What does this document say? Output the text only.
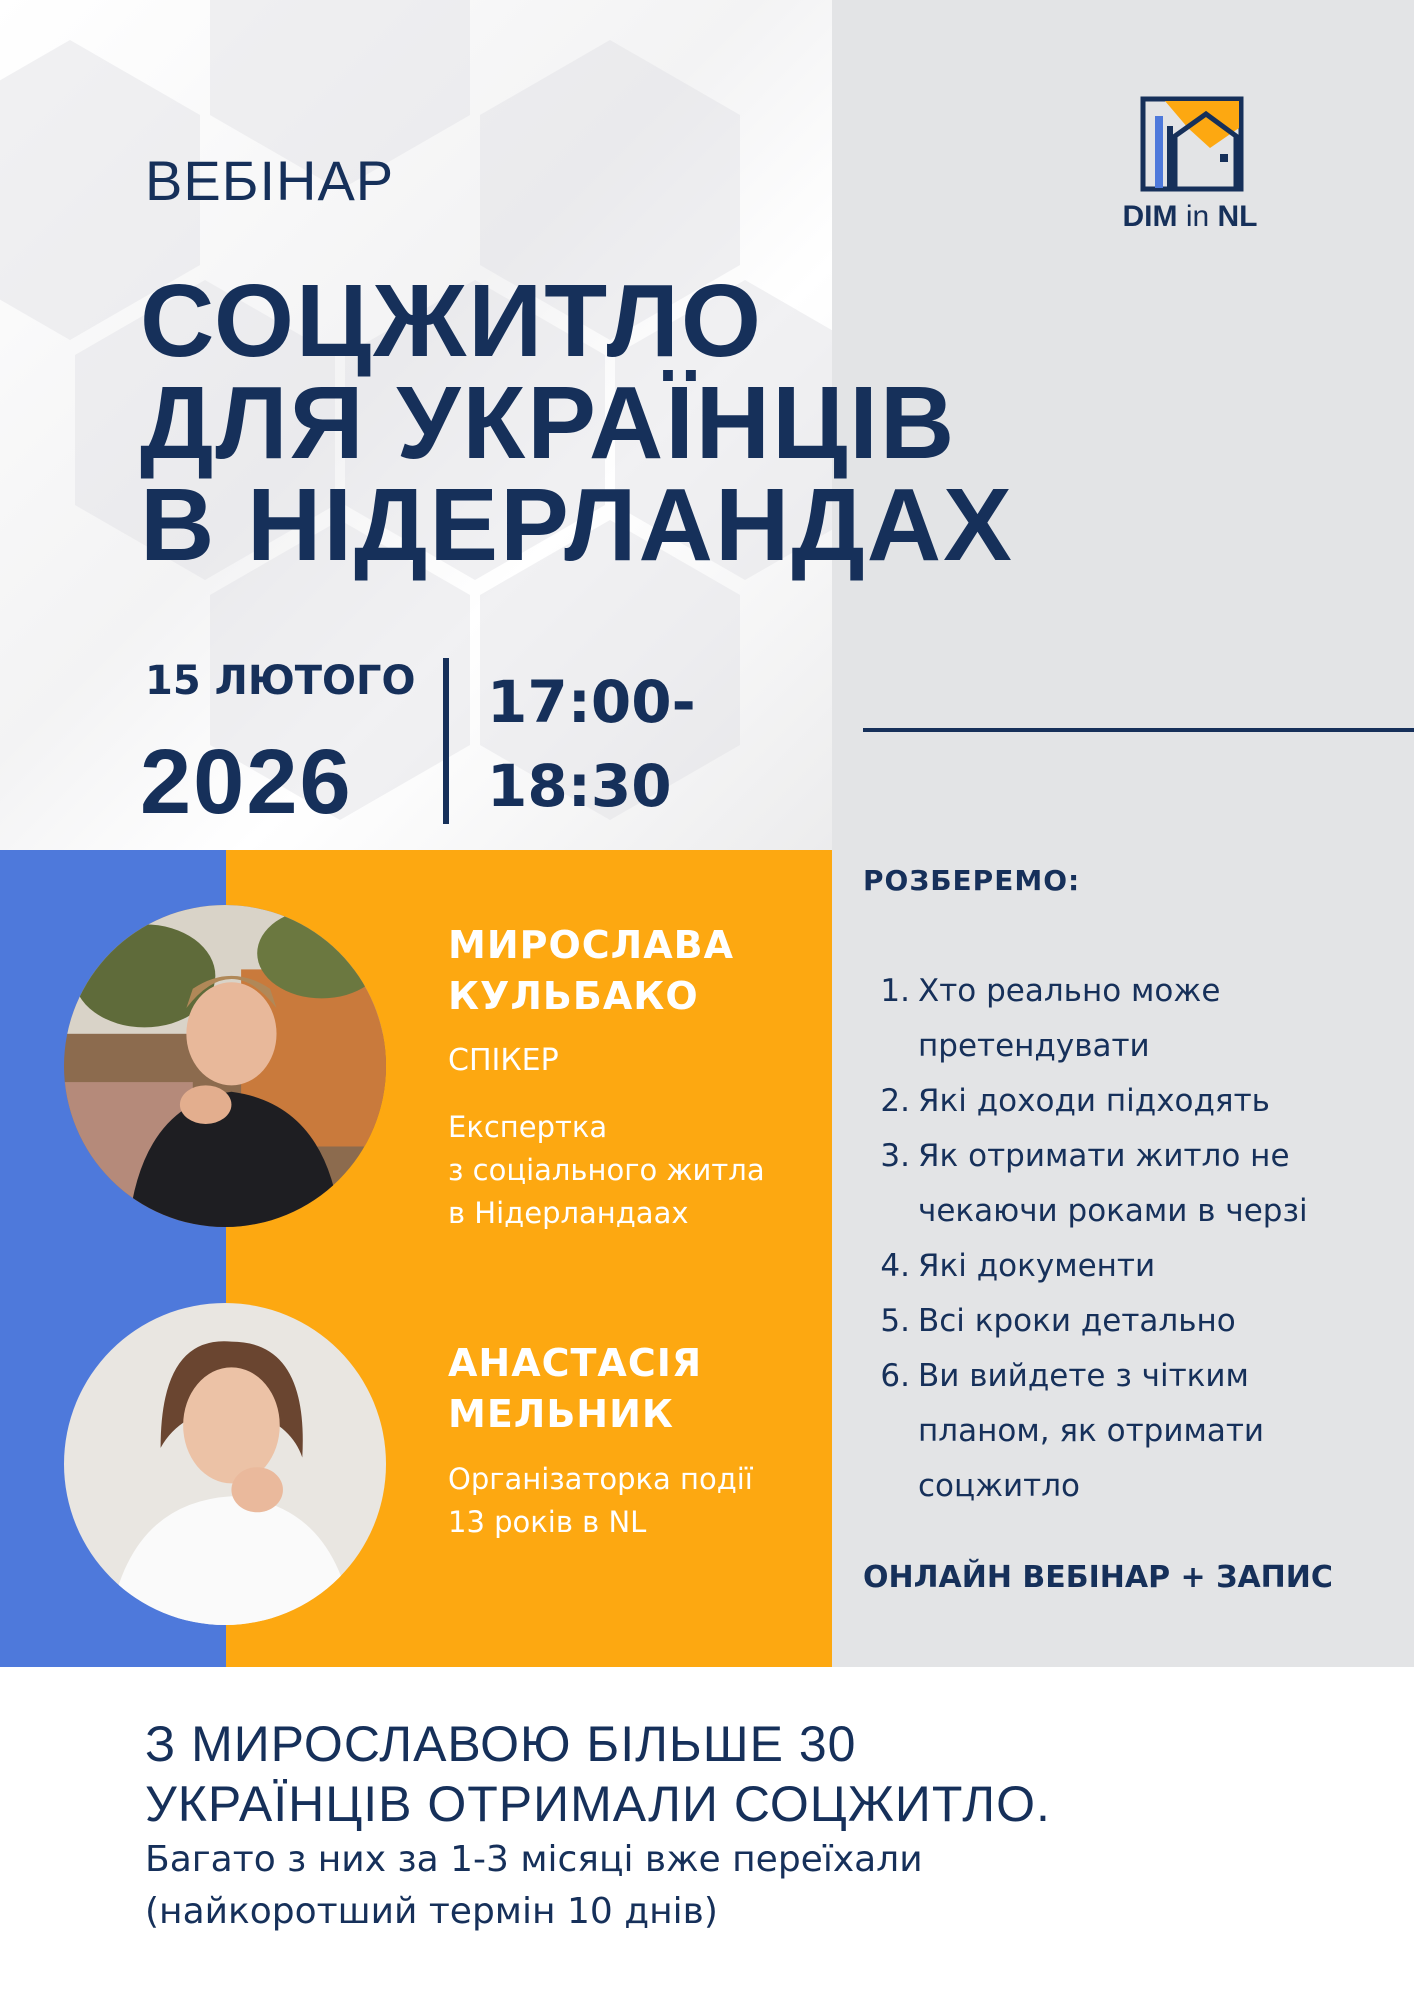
DIM in NL
ВЕБІНАР
СОЦЖИТЛО
ДЛЯ УКРАЇНЦІВ
В НІДЕРЛАНДАХ
15 ЛЮТОГО
2026
17:00-
18:30
МИРОСЛАВА
КУЛЬБАКО
СПІКЕР
Експертка
з соціального житла
в Нідерландаах
АНАСТАСІЯ
МЕЛЬНИК
Організаторка події
13 років в NL
РОЗБЕРЕМО:
1. Хто реально може
претендувати
2. Які доходи підходять
3. Як отримати житло не
чекаючи роками в черзі
4. Які документи
5. Всі кроки детально
6. Ви вийдете з чітким
планом, як отримати
соцжитло
ОНЛАЙН ВЕБІНАР + ЗАПИС
З МИРОСЛАВОЮ БІЛЬШЕ 30
УКРАЇНЦІВ ОТРИМАЛИ СОЦЖИТЛО.
Багато з них за 1-3 місяці вже переїхали
(найкоротший термін 10 днів)
